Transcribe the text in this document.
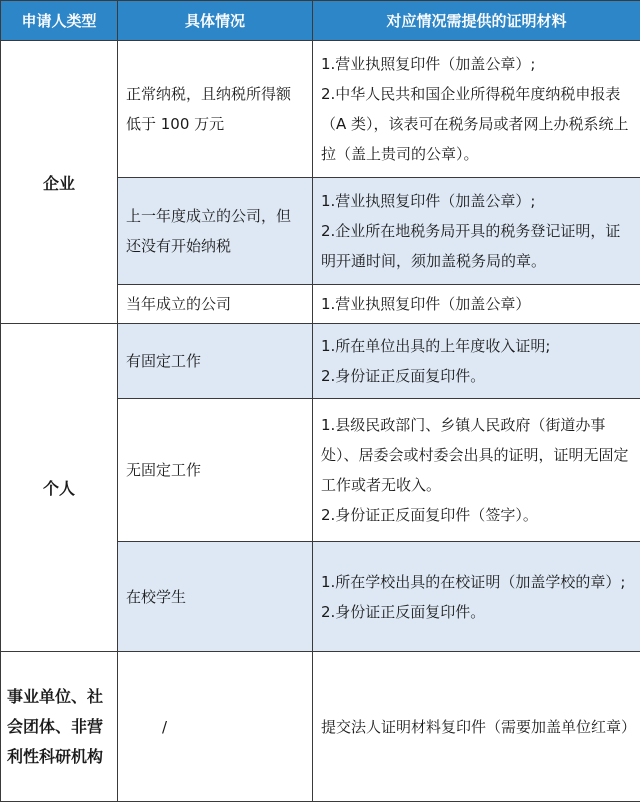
申请人类型	具体情况	对应情况需提供的证明材料
企业	正常纳税，且纳税所得额低于 100 万元	1.营业执照复印件（加盖公章）;
2.中华人民共和国企业所得税年度纳税申报表（A 类），该表可在税务局或者网上办税系统上拉（盖上贵司的公章）。

	上一年度成立的公司，但还没有开始纳税	1.营业执照复印件（加盖公章）;
2.企业所在地税务局开具的税务登记证明，证明开通时间，须加盖税务局的章。

	当年成立的公司	1.营业执照复印件（加盖公章）

个人	有固定工作	1.所在单位出具的上年度收入证明;
2.身份证正反面复印件。

	无固定工作	1.县级民政部门、乡镇人民政府（街道办事处）、居委会或村委会出具的证明，证明无固定工作或者无收入。
2.身份证正反面复印件（签字）。

	在校学生	1.所在学校出具的在校证明（加盖学校的章）;
2.身份证正反面复印件。

事业单位、社会团体、非营利性科研机构	/	提交法人证明材料复印件（需要加盖单位红章）
